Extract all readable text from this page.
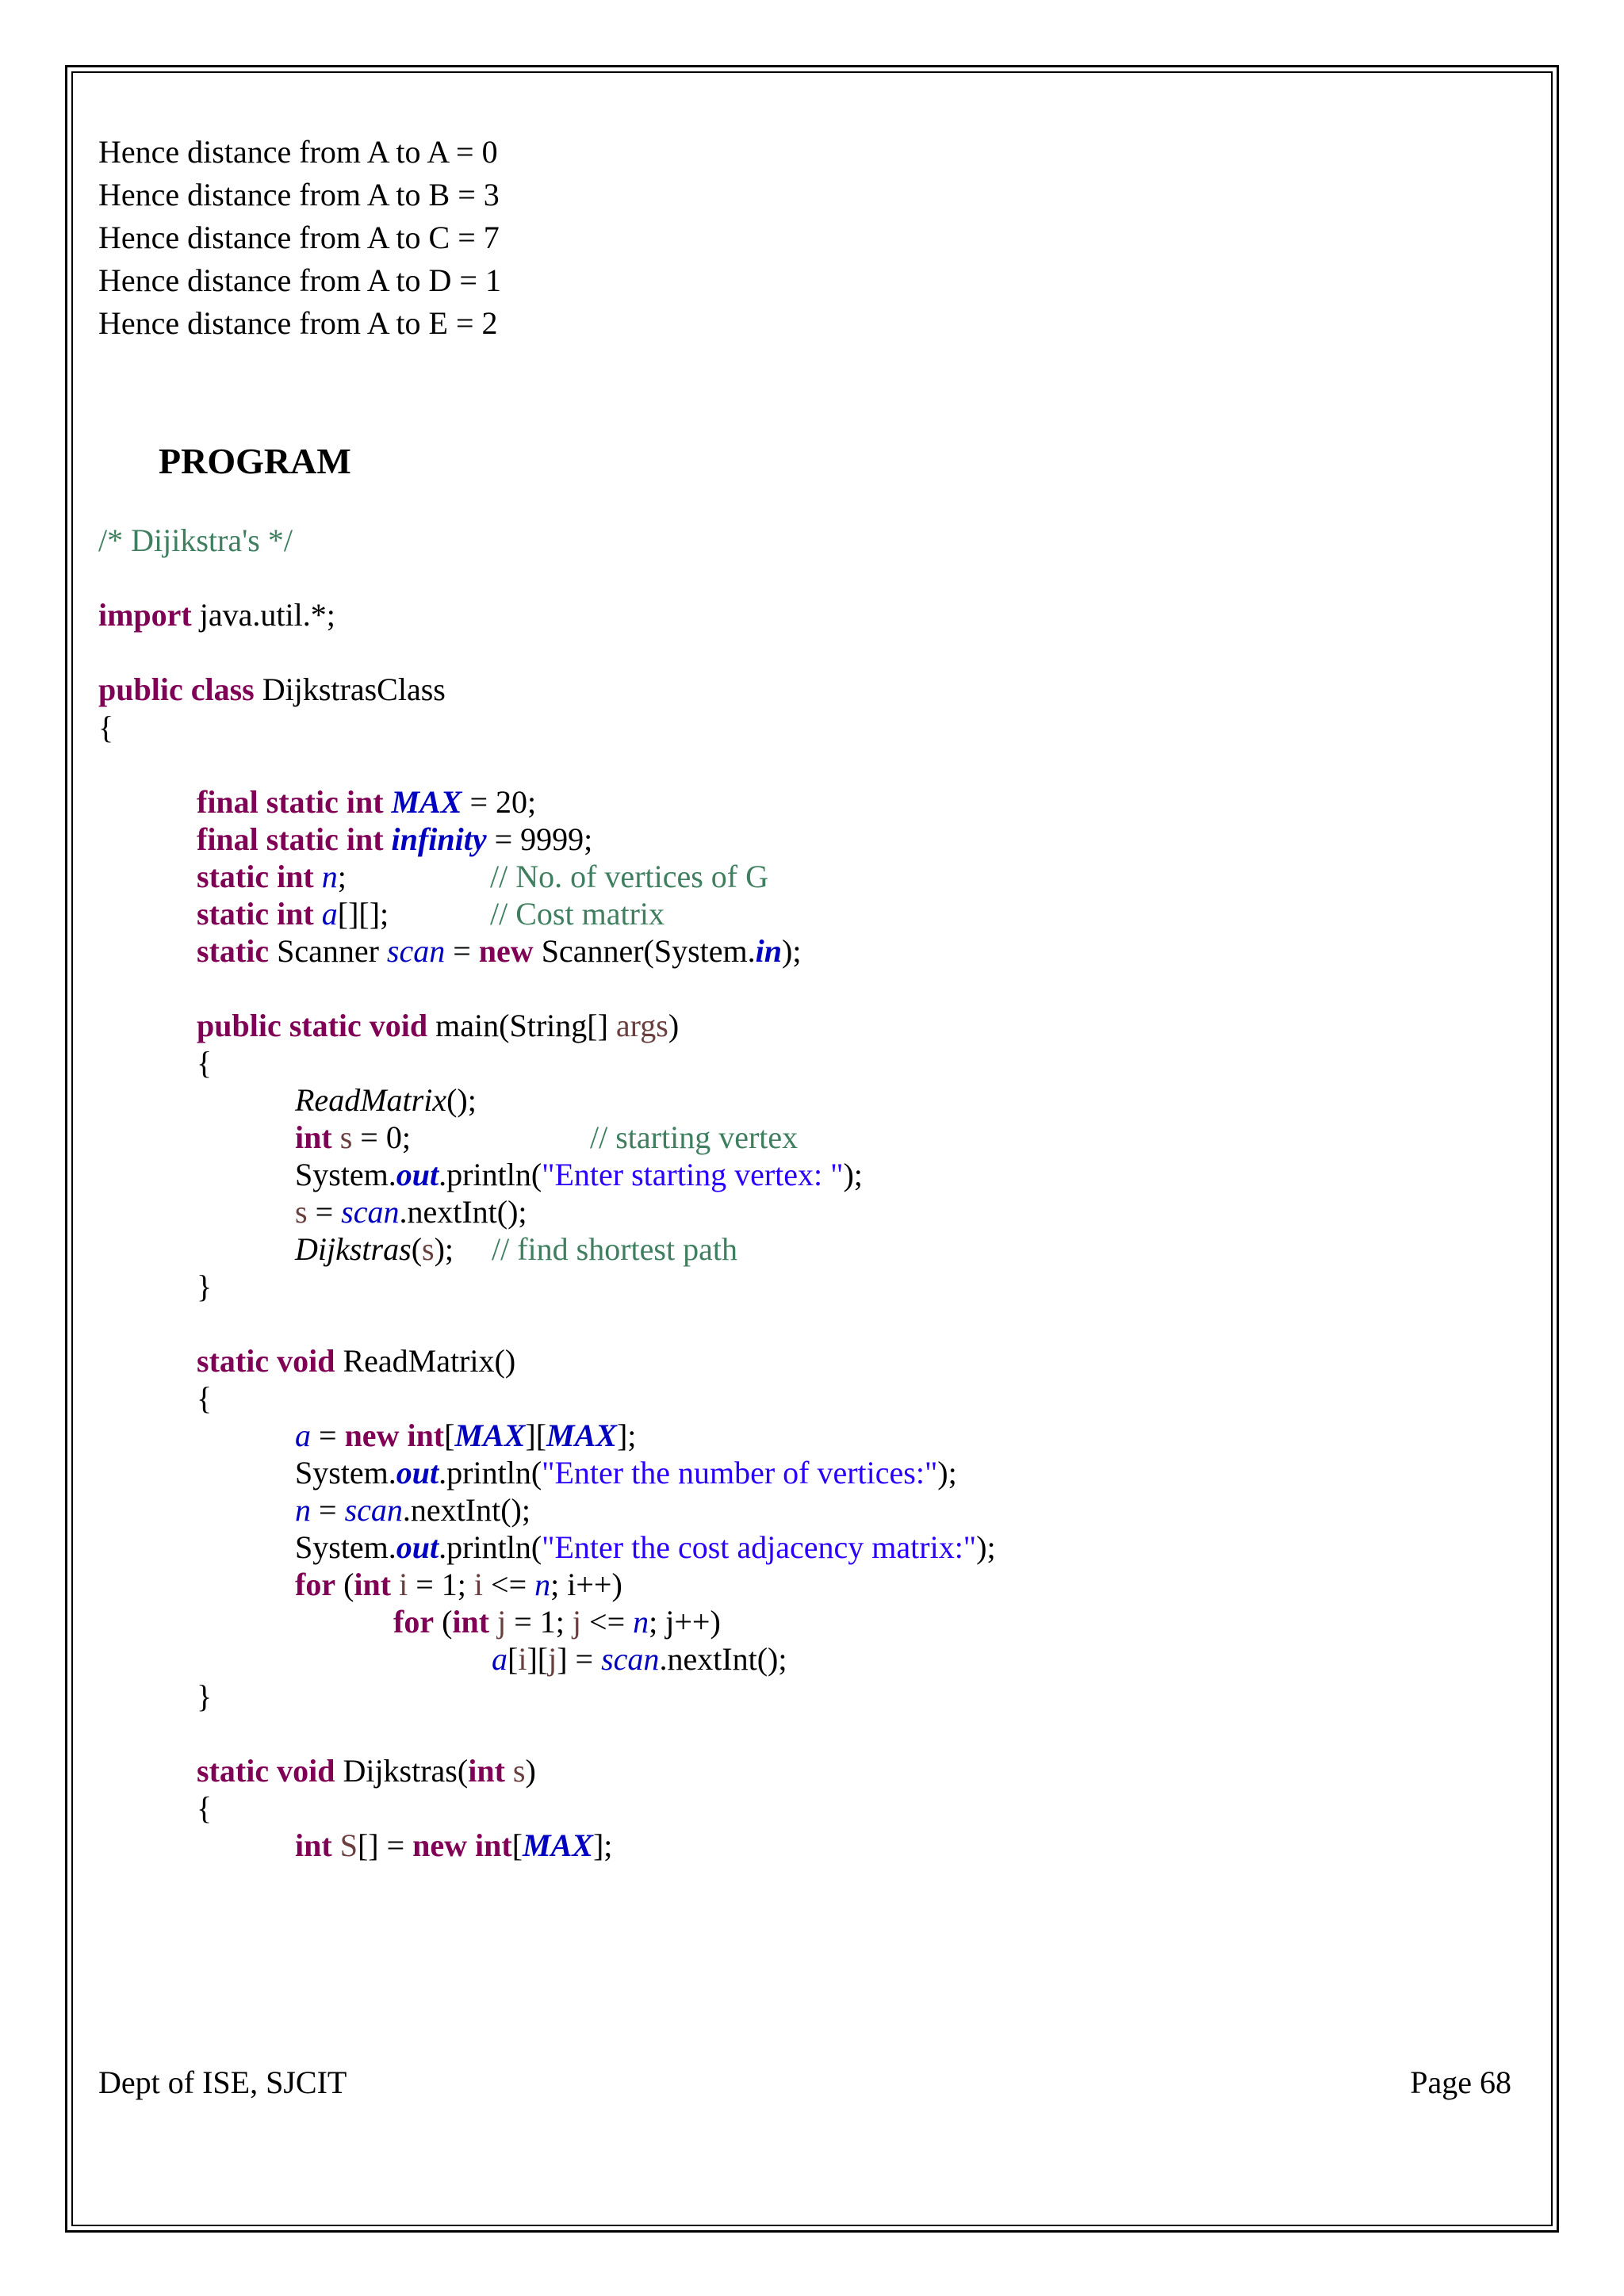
Hence distance from A to A = 0
Hence distance from A to B = 3
Hence distance from A to C = 7
Hence distance from A to D = 1
Hence distance from A to E = 2
PROGRAM
/* Dijikstra's */
import java.util.*;
public class DijkstrasClass
{
final static int MAX = 20;
final static int infinity = 9999;
static int n;	// No. of vertices of G
static int a[][];	// Cost matrix
static Scanner scan = new Scanner(System.in);
public static void main(String[] args)
{
ReadMatrix();
int s = 0;	// starting vertex
System.out.println("Enter starting vertex: ");
s = scan.nextInt();
Dijkstras(s); // find shortest path
}
static void ReadMatrix()
{
a = new int[MAX][MAX];
System.out.println("Enter the number of vertices:");
n = scan.nextInt();
System.out.println("Enter the cost adjacency matrix:");
for (int i = 1; i <= n; i++)
for (int j = 1; j <= n; j++)
a[i][j] = scan.nextInt();
}
static void Dijkstras(int s)
{
int S[] = new int[MAX];
Dept of ISE, SJCIT	Page 68
